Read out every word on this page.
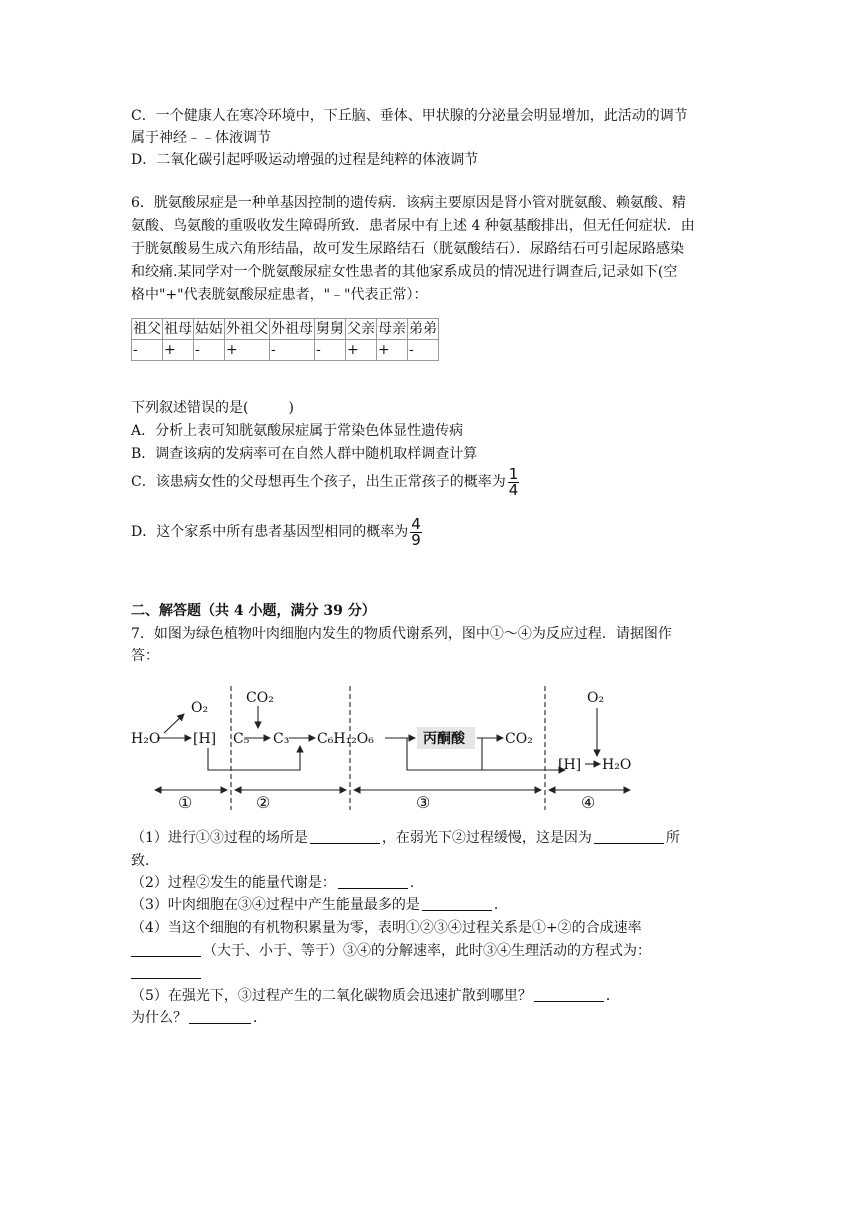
C．一个健康人在寒冷环境中，下丘脑、垂体、甲状腺的分泌量会明显增加，此活动的调节
属于神经﹣﹣体液调节
D．二氧化碳引起呼吸运动增强的过程是纯粹的体液调节
6．胱氨酸尿症是一种单基因控制的遗传病．该病主要原因是肾小管对胱氨酸、赖氨酸、精
氨酸、鸟氨酸的重吸收发生障碍所致．患者尿中有上述 4 种氨基酸排出，但无任何症状．由
于胱氨酸易生成六角形结晶，故可发生尿路结石（胱氨酸结石）．尿路结石可引起尿路感染
和绞痛.某同学对一个胱氨酸尿症女性患者的其他家系成员的情况进行调查后,记录如下(空
格中"+"代表胱氨酸尿症患者，"﹣"代表正常）：
祖父	祖母	姑姑	外祖父	外祖母	舅舅	父亲	母亲	弟弟
-	+	-	+	-	-	+	+	-
下列叙述错误的是(	)
A．分析上表可知胱氨酸尿症属于常染色体显性遗传病
B．调查该病的发病率可在自然人群中随机取样调查计算
C．该患病女性的父母想再生个孩子，出生正常孩子的概率为 $\frac{1}{4}$
D．这个家系中所有患者基因型相同的概率为 $\frac{4}{9}$
二、解答题（共 4 小题，满分 39 分）
7．如图为绿色植物叶肉细胞内发生的物质代谢系列，图中①～④为反应过程．请据图作
答：
O₂
H₂O [H]
CO₂
C₅ C₃ C₆H₁₂O₆	丙酮酸	CO₂
O₂
[H] H₂O
①	②	③	④
（1）进行①③过程的场所是	，在弱光下②过程缓慢，这是因为	所
致．
（2）过程②发生的能量代谢是：	．
（3）叶肉细胞在③④过程中产生能量最多的是	．
（4）当这个细胞的有机物积累量为零，表明①②③④过程关系是①+②的合成速率
（大于、小于、等于）③④的分解速率，此时③④生理活动的方程式为：
（5）在强光下，③过程产生的二氧化碳物质会迅速扩散到哪里？	．
为什么？	．
